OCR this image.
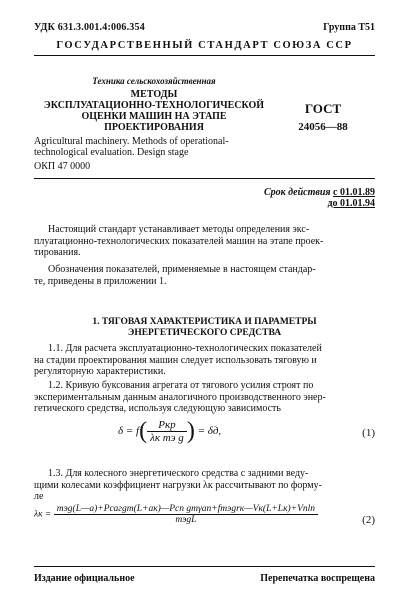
УДК 631.3.001.4:006.354	Группа Т51
ГОСУДАРСТВЕННЫЙ СТАНДАРТ СОЮЗА ССР

Техника сельскохозяйственная

МЕТОДЫ

ЭКСПЛУАТАЦИОННО-ТЕХНОЛОГИЧЕСКОЙ

ОЦЕНКИ МАШИН НА ЭТАПЕ

ПРОЕКТИРОВАНИЯ

ГОСТ
24056—88
Agricultural machinery. Methods of operational-
technological evaluation. Design stage
ОКП 47 0000
Срок действия с 01.01.89
до 01.01.94
Настоящий стандарт устанавливает методы определения экс-
плуатационно-технологических показателей машин на этапе проек-
тирования.
Обозначения показателей, применяемые в настоящем стандар-
те, приведены в приложении 1.
1. ТЯГОВАЯ ХАРАКТЕРИСТИКА И ПАРАМЕТРЫ
ЭНЕРГЕТИЧЕСКОГО СРЕДСТВА
1.1. Для расчета эксплуатационно-технологических показателей
на стадии проектирования машин следует использовать тяговую и
регуляторную характеристики.
1.2. Кривую буксования агрегата от тягового усилия строят по
экспериментальным данным аналогичного производственного энер-
гетического средства, используя следующую зависимость
$\delta = f( \frac{\text{Pкр}}{\text{λк mэ g}}$ ) = δд,	(1)
1.3. Для колесного энергетического средства с задними веду-
щими колесами коэффициент нагрузки λк рассчитывают по форму-
ле
$\lambda к = \frac{\text{mэg(L—a)+Pсагgт(L+aк)—Pсп gтγаn+fmэgrк—Vк(L+Lк)+Vпlп}}{\text{mэgL}}$	(2)
Издание официальное	Перепечатка воспрещена
